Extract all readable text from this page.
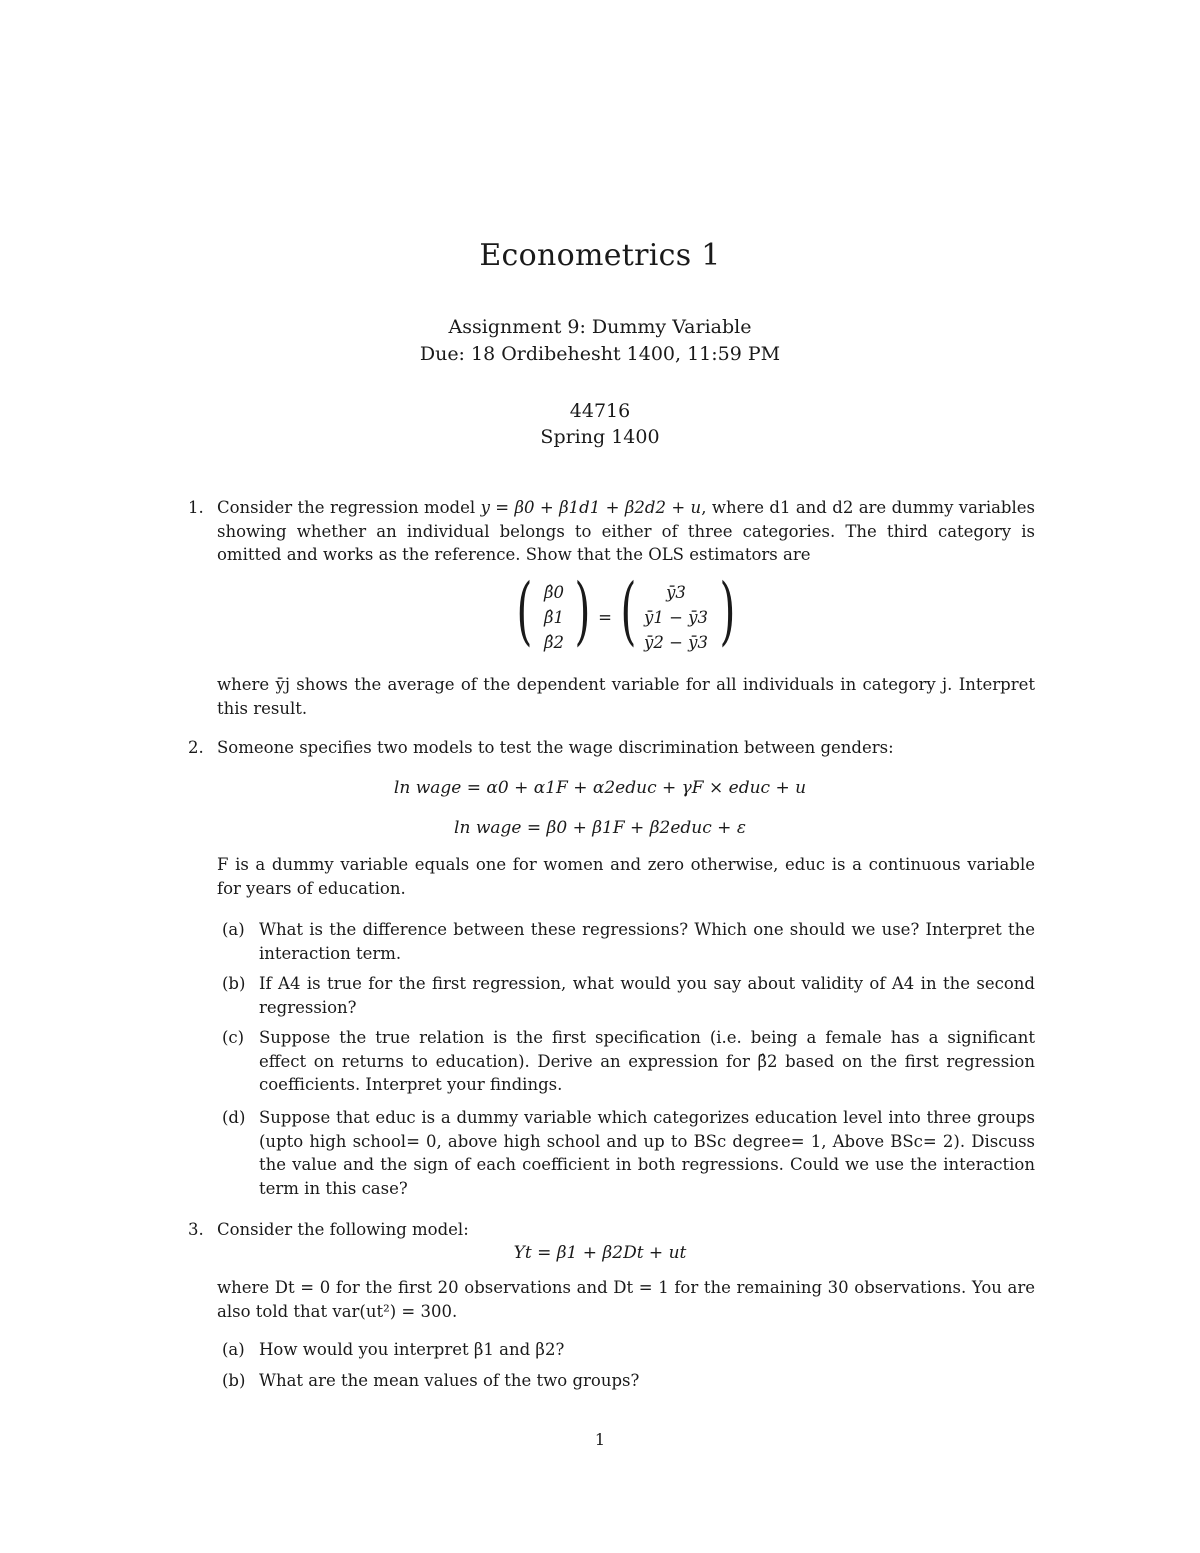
Econometrics 1
Assignment 9: Dummy Variable
Due: 18 Ordibehesht 1400, 11:59 PM
44716
Spring 1400
1. Consider the regression model y = β0 + β1d1 + β2d2 + u, where d1 and d2 are dummy variables showing whether an individual belongs to either of three categories. The third category is omitted and works as the reference. Show that the OLS estimators are
( β̂0
β̂1
β̂2 ) = (	ȳ3
ȳ1 − ȳ3
ȳ2 − ȳ3 )
where ȳj shows the average of the dependent variable for all individuals in category j. Interpret this result.
2. Someone specifies two models to test the wage discrimination between genders:
ln wage = α0 + α1F + α2educ + γF × educ + u
ln wage = β0 + β1F + β2educ + ε
F is a dummy variable equals one for women and zero otherwise, educ is a continuous variable for years of education.
(a) What is the difference between these regressions? Which one should we use? Interpret the interaction term.
(b) If A4 is true for the first regression, what would you say about validity of A4 in the second regression?
(c) Suppose the true relation is the first specification (i.e. being a female has a significant effect on returns to education). Derive an expression for β̂2 based on the first regression coefficients. Interpret your findings.
(d) Suppose that educ is a dummy variable which categorizes education level into three groups (upto high school= 0, above high school and up to BSc degree= 1, Above BSc= 2). Discuss the value and the sign of each coefficient in both regressions. Could we use the interaction term in this case?
3. Consider the following model:
Yt = β1 + β2Dt + ut
where Dt = 0 for the first 20 observations and Dt = 1 for the remaining 30 observations. You are also told that var(ut²) = 300.
(a) How would you interpret β1 and β2?
(b) What are the mean values of the two groups?
1
